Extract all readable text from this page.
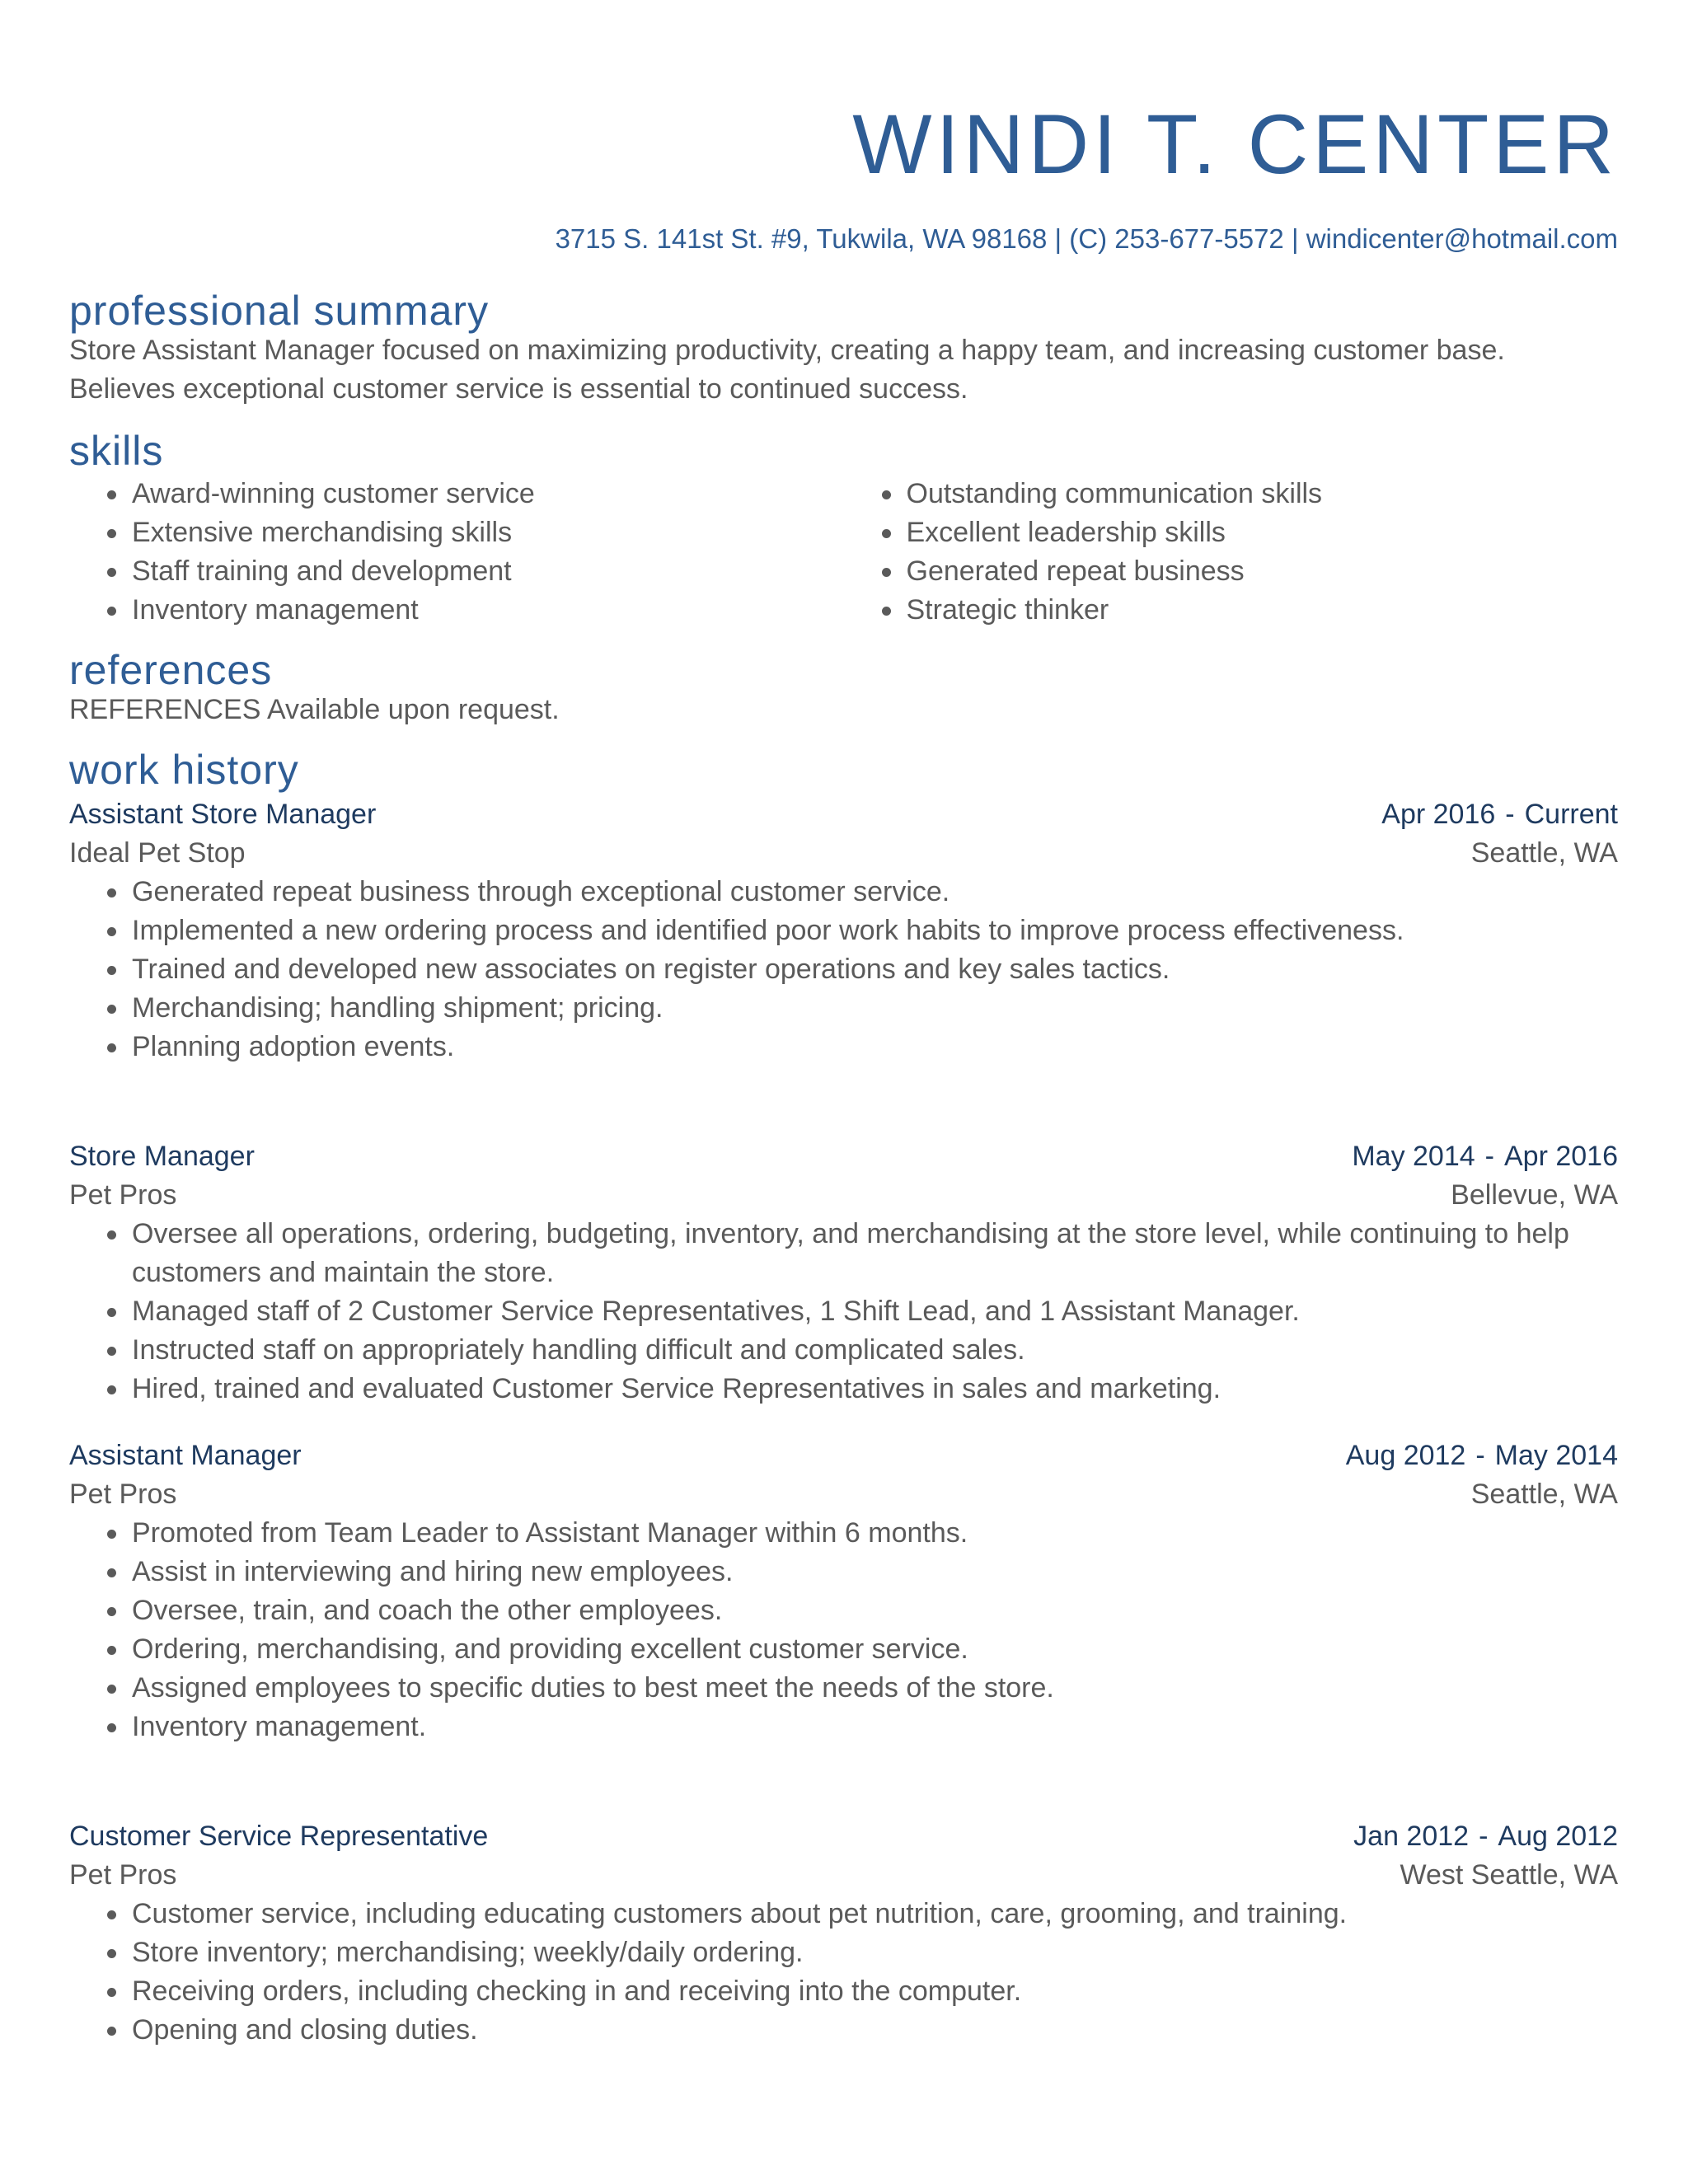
WINDI T. CENTER
3715 S. 141st St. #9, Tukwila, WA 98168 | (C) 253-677-5572 | windicenter@hotmail.com
professional summary

Store Assistant Manager focused on maximizing productivity, creating a happy team, and increasing customer base. Believes exceptional customer service is essential to continued success.

skills
Award-winning customer service
Extensive merchandising skills
Staff training and development
Inventory management
Outstanding communication skills
Excellent leadership skills
Generated repeat business
Strategic thinker
references

REFERENCES Available upon request.

work history
Assistant Store Manager	Apr 2016 - Current
Ideal Pet Stop	Seattle, WA
Generated repeat business through exceptional customer service.
Implemented a new ordering process and identified poor work habits to improve process effectiveness.
Trained and developed new associates on register operations and key sales tactics.
Merchandising; handling shipment; pricing.
Planning adoption events.
Store Manager	May 2014 - Apr 2016
Pet Pros	Bellevue, WA
Oversee all operations, ordering, budgeting, inventory, and merchandising at the store level, while continuing to help customers and maintain the store.
Managed staff of 2 Customer Service Representatives, 1 Shift Lead, and 1 Assistant Manager.
Instructed staff on appropriately handling difficult and complicated sales.
Hired, trained and evaluated Customer Service Representatives in sales and marketing.
Assistant Manager	Aug 2012 - May 2014
Pet Pros	Seattle, WA
Promoted from Team Leader to Assistant Manager within 6 months.
Assist in interviewing and hiring new employees.
Oversee, train, and coach the other employees.
Ordering, merchandising, and providing excellent customer service.
Assigned employees to specific duties to best meet the needs of the store.
Inventory management.
Customer Service Representative	Jan 2012 - Aug 2012
Pet Pros	West Seattle, WA
Customer service, including educating customers about pet nutrition, care, grooming, and training.
Store inventory; merchandising; weekly/daily ordering.
Receiving orders, including checking in and receiving into the computer.
Opening and closing duties.
